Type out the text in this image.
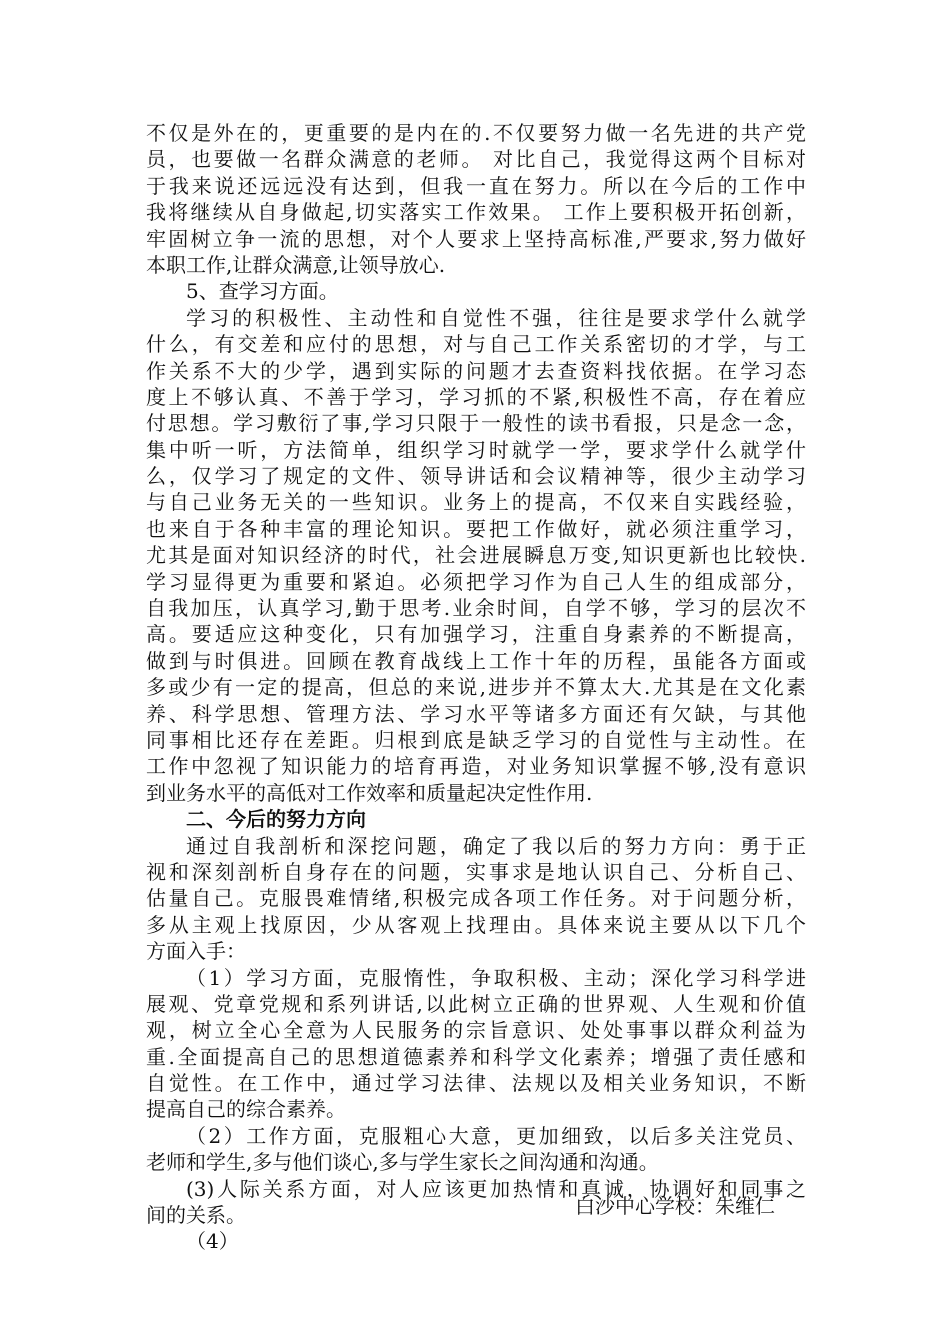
不仅是外在的，更重要的是内在的.不仅要努力做一名先进的共产党
员，也要做一名群众满意的老师。 对比自己，我觉得这两个目标对
于我来说还远远没有达到，但我一直在努力。所以在今后的工作中
我将继续从自身做起,切实落实工作效果。 工作上要积极开拓创新，
牢固树立争一流的思想，对个人要求上坚持高标准,严要求,努力做好
本职工作,让群众满意,让领导放心.
5、查学习方面。
学习的积极性、主动性和自觉性不强，往往是要求学什么就学
什么，有交差和应付的思想，对与自己工作关系密切的才学，与工
作关系不大的少学，遇到实际的问题才去查资料找依据。在学习态
度上不够认真、不善于学习，学习抓的不紧,积极性不高，存在着应
付思想。学习敷衍了事,学习只限于一般性的读书看报，只是念一念，
集中听一听，方法简单，组织学习时就学一学，要求学什么就学什
么，仅学习了规定的文件、领导讲话和会议精神等，很少主动学习
与自己业务无关的一些知识。业务上的提高，不仅来自实践经验，
也来自于各种丰富的理论知识。要把工作做好，就必须注重学习，
尤其是面对知识经济的时代，社会进展瞬息万变,知识更新也比较快.
学习显得更为重要和紧迫。必须把学习作为自己人生的组成部分，
自我加压，认真学习,勤于思考.业余时间，自学不够，学习的层次不
高。要适应这种变化，只有加强学习，注重自身素养的不断提高，
做到与时俱进。回顾在教育战线上工作十年的历程，虽能各方面或
多或少有一定的提高，但总的来说,进步并不算太大.尤其是在文化素
养、科学思想、管理方法、学习水平等诸多方面还有欠缺，与其他
同事相比还存在差距。归根到底是缺乏学习的自觉性与主动性。在
工作中忽视了知识能力的培育再造，对业务知识掌握不够,没有意识
到业务水平的高低对工作效率和质量起决定性作用.
二、今后的努力方向
通过自我剖析和深挖问题，确定了我以后的努力方向：勇于正
视和深刻剖析自身存在的问题，实事求是地认识自己、分析自己、
估量自己。克服畏难情绪,积极完成各项工作任务。对于问题分析，
多从主观上找原因，少从客观上找理由。具体来说主要从以下几个
方面入手：
（1）学习方面，克服惰性，争取积极、主动；深化学习科学进
展观、党章党规和系列讲话,以此树立正确的世界观、人生观和价值
观，树立全心全意为人民服务的宗旨意识、处处事事以群众利益为
重.全面提高自己的思想道德素养和科学文化素养；增强了责任感和
自觉性。在工作中，通过学习法律、法规以及相关业务知识，不断
提高自己的综合素养。
（2）工作方面，克服粗心大意，更加细致，以后多关注党员、
老师和学生,多与他们谈心,多与学生家长之间沟通和沟通。
(3)人际关系方面，对人应该更加热情和真诚，协调好和同事之
间的关系。
（4）
白沙中心学校：朱维仁
